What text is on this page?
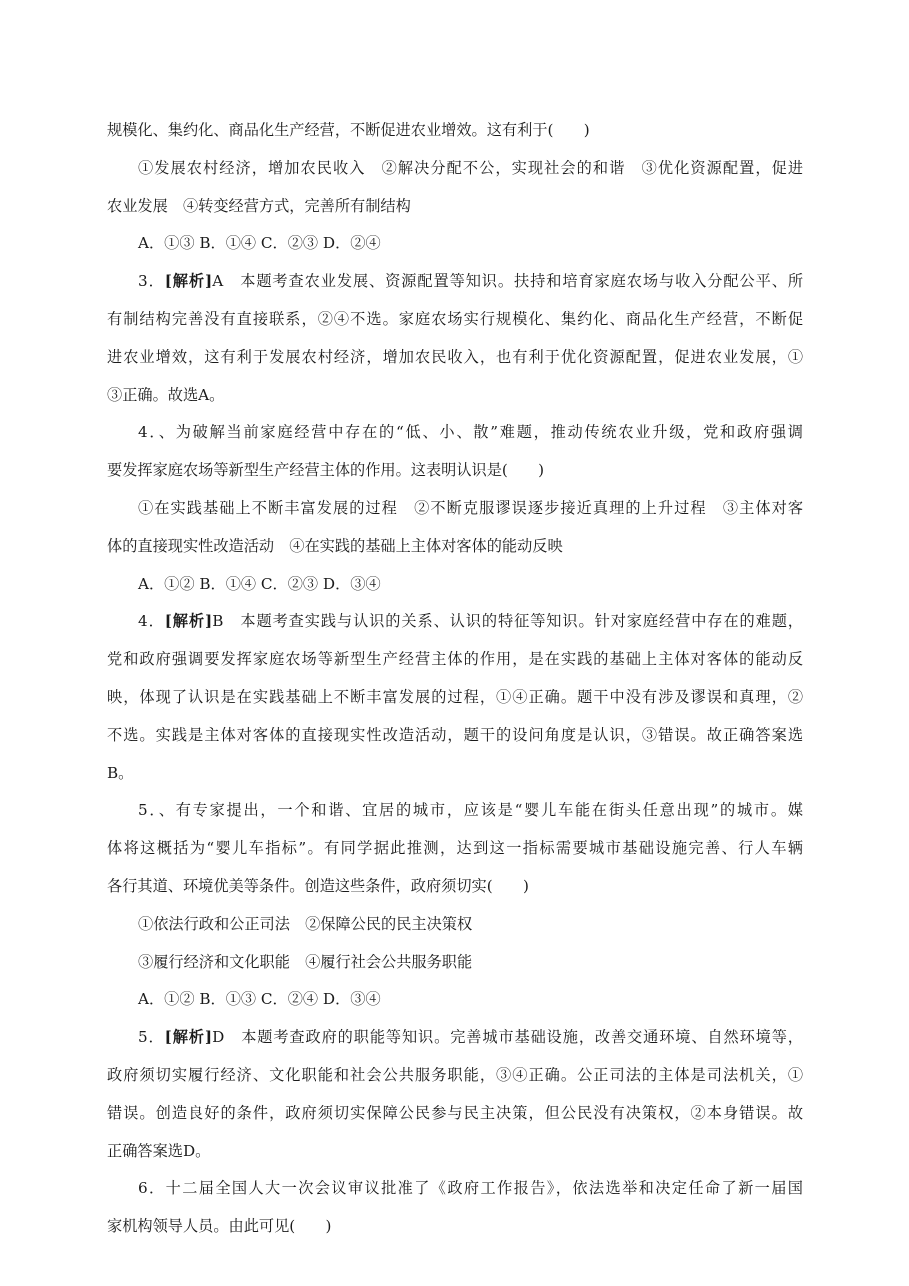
规模化、集约化、商品化生产经营，不断促进农业增效。这有利于(　　)
①发展农村经济，增加农民收入　②解决分配不公，实现社会的和谐　③优化资源配置，促进
农业发展　④转变经营方式，完善所有制结构
A．①③ B．①④ C．②③ D．②④
3．[解析]A　本题考查农业发展、资源配置等知识。扶持和培育家庭农场与收入分配公平、所
有制结构完善没有直接联系，②④不选。家庭农场实行规模化、集约化、商品化生产经营，不断促
进农业增效，这有利于发展农村经济，增加农民收入，也有利于优化资源配置，促进农业发展，①
③正确。故选A。
4．、为破解当前家庭经营中存在的“低、小、散”难题，推动传统农业升级，党和政府强调
要发挥家庭农场等新型生产经营主体的作用。这表明认识是(　　)
①在实践基础上不断丰富发展的过程　②不断克服谬误逐步接近真理的上升过程　③主体对客
体的直接现实性改造活动　④在实践的基础上主体对客体的能动反映
A．①② B．①④ C．②③ D．③④
4．[解析]B　本题考查实践与认识的关系、认识的特征等知识。针对家庭经营中存在的难题，
党和政府强调要发挥家庭农场等新型生产经营主体的作用，是在实践的基础上主体对客体的能动反
映，体现了认识是在实践基础上不断丰富发展的过程，①④正确。题干中没有涉及谬误和真理，②
不选。实践是主体对客体的直接现实性改造活动，题干的设问角度是认识，③错误。故正确答案选
B。
5．、有专家提出，一个和谐、宜居的城市，应该是“婴儿车能在街头任意出现”的城市。媒
体将这概括为“婴儿车指标”。有同学据此推测，达到这一指标需要城市基础设施完善、行人车辆
各行其道、环境优美等条件。创造这些条件，政府须切实(　　)
①依法行政和公正司法　②保障公民的民主决策权
③履行经济和文化职能　④履行社会公共服务职能
A．①② B．①③ C．②④ D．③④
5．[解析]D　本题考查政府的职能等知识。完善城市基础设施，改善交通环境、自然环境等，
政府须切实履行经济、文化职能和社会公共服务职能，③④正确。公正司法的主体是司法机关，①
错误。创造良好的条件，政府须切实保障公民参与民主决策，但公民没有决策权，②本身错误。故
正确答案选D。
6．十二届全国人大一次会议审议批准了《政府工作报告》，依法选举和决定任命了新一届国
家机构领导人员。由此可见(　　)
